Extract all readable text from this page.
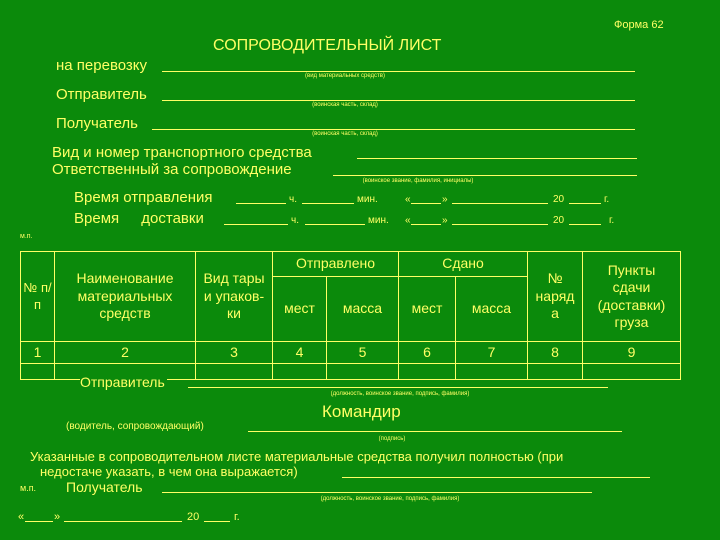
Форма 62
СОПРОВОДИТЕЛЬНЫЙ ЛИСТ
на перевозку
(вид материальных средств)
Отправитель
(воинская часть, склад)
Получатель
(воинская часть, склад)
Вид и номер транспортного средства
Ответственный за сопровождение
(воинское звание, фамилия, инициалы)
Время отправления	ч.	мин.	«	»	20	г.
Время доставки	ч.	мин. «	»	20	г.
м.п.
№ п/п	Наименование материальных средств	Вид тары и упаков-ки	Отправлено		Сдано		№ наряд а	Пункты сдачи (доставки) груза
			мест	масса	мест	масса		
1	2	3	4	5	6	7	8	9

Отправитель
(должность, воинское звание, подпись, фамилия)
Командир
(водитель, сопровождающий)
(подпись)
Указанные в сопроводительном листе материальные средства получил полностью (при
недостаче указать, в чем она выражается)
м.п. Получатель
(должность, воинское звание, подпись, фамилия)
«	»	20	г.
